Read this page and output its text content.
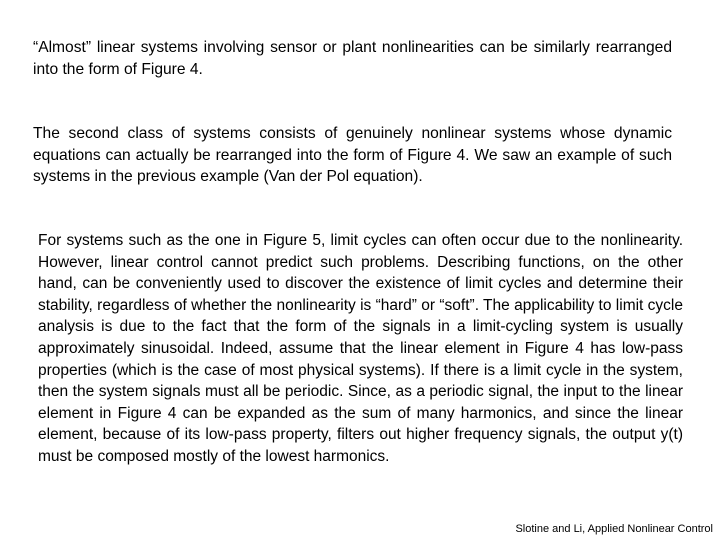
“Almost” linear systems involving sensor or plant nonlinearities can be similarly rearranged into the form of Figure 4.

The second class of systems consists of genuinely nonlinear systems whose dynamic equations can actually be rearranged into the form of Figure 4. We saw an example of such systems in the previous example (Van der Pol equation).

For systems such as the one in Figure 5, limit cycles can often occur due to the nonlinearity. However, linear control cannot predict such problems. Describing functions, on the other hand, can be conveniently used to discover the existence of limit cycles and determine their stability, regardless of whether the nonlinearity is “hard” or “soft”. The applicability to limit cycle analysis is due to the fact that the form of the signals in a limit-cycling system is usually approximately sinusoidal. Indeed, assume that the linear element in Figure 4 has low-pass properties (which is the case of most physical systems). If there is a limit cycle in the system, then the system signals must all be periodic. Since, as a periodic signal, the input to the linear element in Figure 4 can be expanded as the sum of many harmonics, and since the linear element, because of its low-pass property, filters out higher frequency signals, the output y(t) must be composed mostly of the lowest harmonics.

Slotine and Li, Applied Nonlinear Control
